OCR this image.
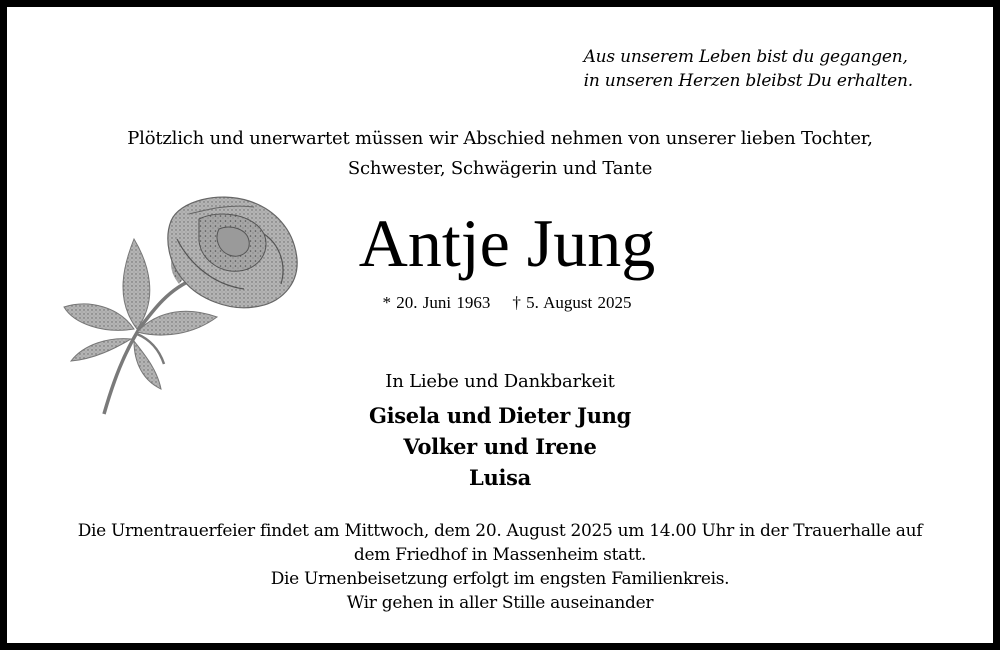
Aus unserem Leben bist du gegangen,
in unseren Herzen bleibst Du erhalten.
Plötzlich und unerwartet müssen wir Abschied nehmen von unserer lieben Tochter,
Schwester, Schwägerin und Tante
Antje Jung
* 20. Juni 1963 † 5. August 2025
In Liebe und Dankbarkeit
Gisela und Dieter Jung
Volker und Irene
Luisa
Die Urnentrauerfeier findet am Mittwoch, dem 20. August 2025 um 14.00 Uhr in der Trauerhalle auf
dem Friedhof in Massenheim statt.
Die Urnenbeisetzung erfolgt im engsten Familienkreis.
Wir gehen in aller Stille auseinander
